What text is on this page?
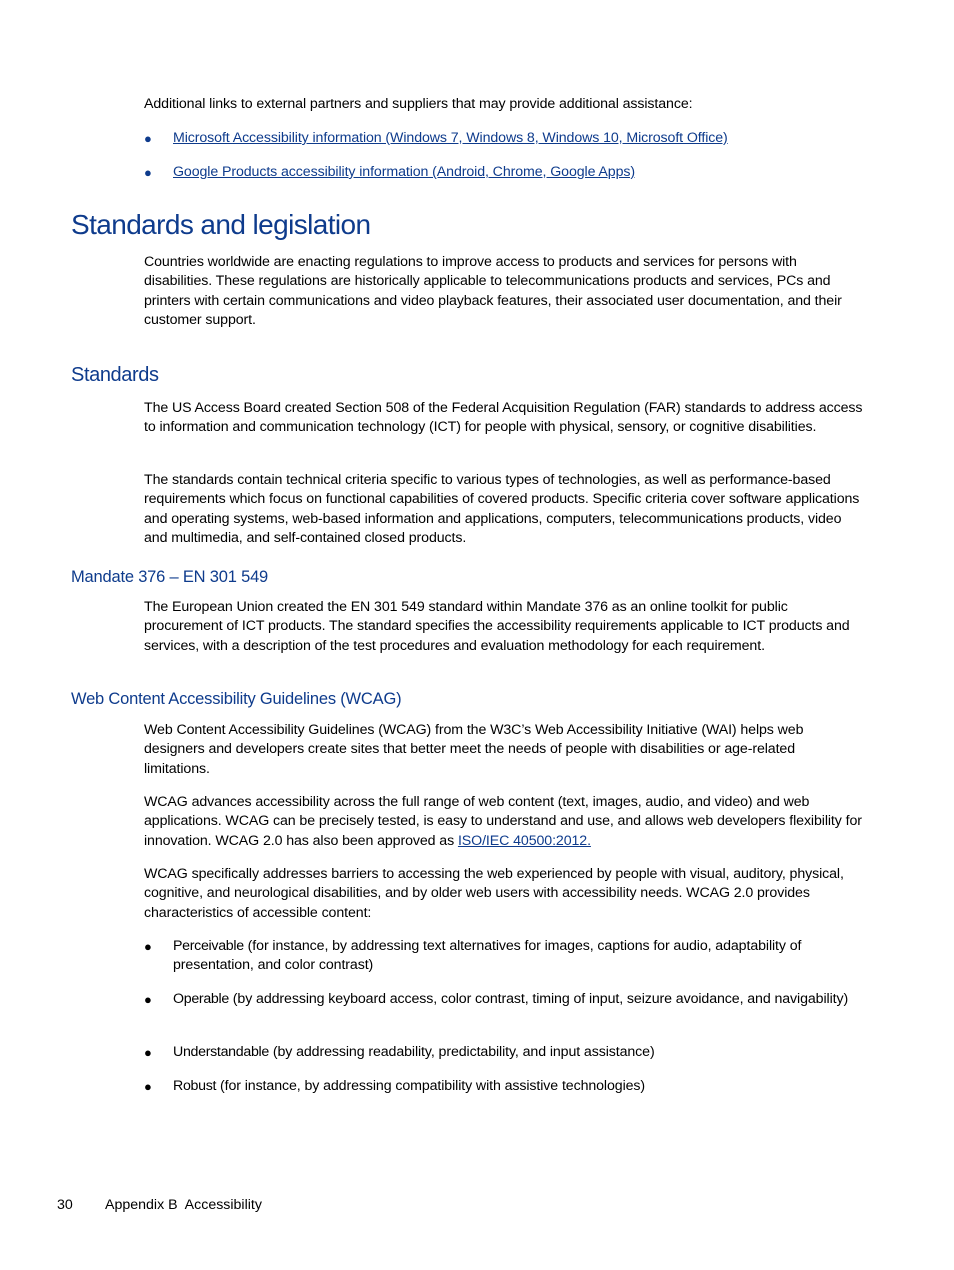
Additional links to external partners and suppliers that may provide additional assistance:

●	Microsoft Accessibility information (Windows 7, Windows 8, Windows 10, Microsoft Office)
●	Google Products accessibility information (Android, Chrome, Google Apps)
Standards and legislation

Countries worldwide are enacting regulations to improve access to products and services for persons with disabilities. These regulations are historically applicable to telecommunications products and services, PCs and printers with certain communications and video playback features, their associated user documentation, and their customer support.

Standards

The US Access Board created Section 508 of the Federal Acquisition Regulation (FAR) standards to address access to information and communication technology (ICT) for people with physical, sensory, or cognitive disabilities.

The standards contain technical criteria specific to various types of technologies, as well as performance-based requirements which focus on functional capabilities of covered products. Specific criteria cover software applications and operating systems, web-based information and applications, computers, telecommunications products, video and multimedia, and self-contained closed products.

Mandate 376 – EN 301 549

The European Union created the EN 301 549 standard within Mandate 376 as an online toolkit for public procurement of ICT products. The standard specifies the accessibility requirements applicable to ICT products and services, with a description of the test procedures and evaluation methodology for each requirement.

Web Content Accessibility Guidelines (WCAG)

Web Content Accessibility Guidelines (WCAG) from the W3C’s Web Accessibility Initiative (WAI) helps web designers and developers create sites that better meet the needs of people with disabilities or age-related limitations.

WCAG advances accessibility across the full range of web content (text, images, audio, and video) and web applications. WCAG can be precisely tested, is easy to understand and use, and allows web developers flexibility for innovation. WCAG 2.0 has also been approved as ISO/IEC 40500:2012.

WCAG specifically addresses barriers to accessing the web experienced by people with visual, auditory, physical, cognitive, and neurological disabilities, and by older web users with accessibility needs. WCAG 2.0 provides characteristics of accessible content:

●	Perceivable (for instance, by addressing text alternatives for images, captions for audio, adaptability of presentation, and color contrast)
●	Operable (by addressing keyboard access, color contrast, timing of input, seizure avoidance, and navigability)
●	Understandable (by addressing readability, predictability, and input assistance)
●	Robust (for instance, by addressing compatibility with assistive technologies)
30 Appendix B  Accessibility
